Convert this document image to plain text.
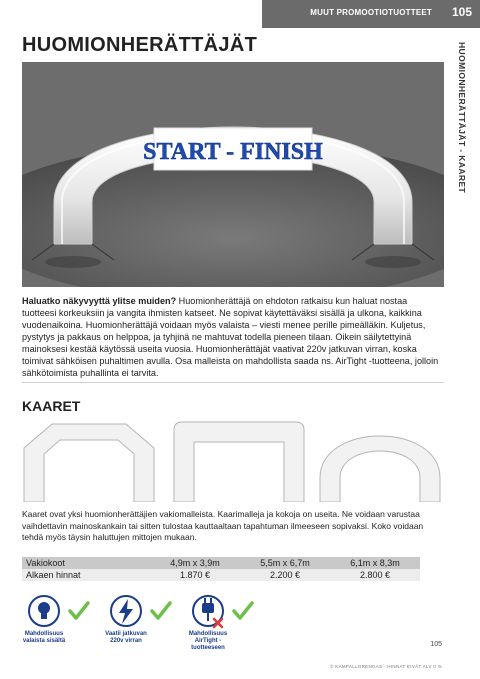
MUUT PROMOOTIOTUOTTEET 105
HUOMIONHERÄTTÄJÄT	HUOMIONHERÄTTÄJÄT - KAARET
START - FINISH
Haluatko näkyvyyttä ylitse muiden? Huomionherättäjä on ehdoton ratkaisu kun haluat nostaa tuotteesi korkeuksiin ja vangita ihmisten katseet. Ne sopivat käytettäväksi sisällä ja ulkona, kaikkina vuodenaikoina. Huomionherättäjä voidaan myös valaista – viesti menee perille pimeälläkin. Kuljetus, pystytys ja pakkaus on helppoa, ja tyhjinä ne mahtuvat todella pieneen tilaan. Oikein säilytettyinä mainoksesi kestää käytössä useita vuosia. Huomionherättäjät vaativat 220v jatkuvan virran, koska toimivat sähköisen puhaltimen avulla. Osa malleista on mahdollista saada ns. AirTight -tuotteena, jolloin sähkötoimista puhallinta ei tarvita.
KAARET
Kaaret ovat yksi huomionherättäjien vakiomalleista. Kaarimalleja ja kokoja on useita. Ne voidaan varustaa vaihdettavin mainoskankain tai sitten tulostaa kauttaaltaan tapahtuman ilmeeseen sopivaksi. Koko voidaan tehdä myös täysin haluttujen mittojen mukaan.
Vakiokoot	4,9m x 3,9m	5,5m x 6,7m	6,1m x 8,3m
Alkaen hinnat	1.870 €	2.200 €	2.800 €
Mahdollisuus valaista sisältä
Vaatii jatkuvan 220v virran
Mahdollisuus AirTight -tuotteeseen	105
© KAMPALLORENGAS · HINNAT EIVÄT ALV 0 %
